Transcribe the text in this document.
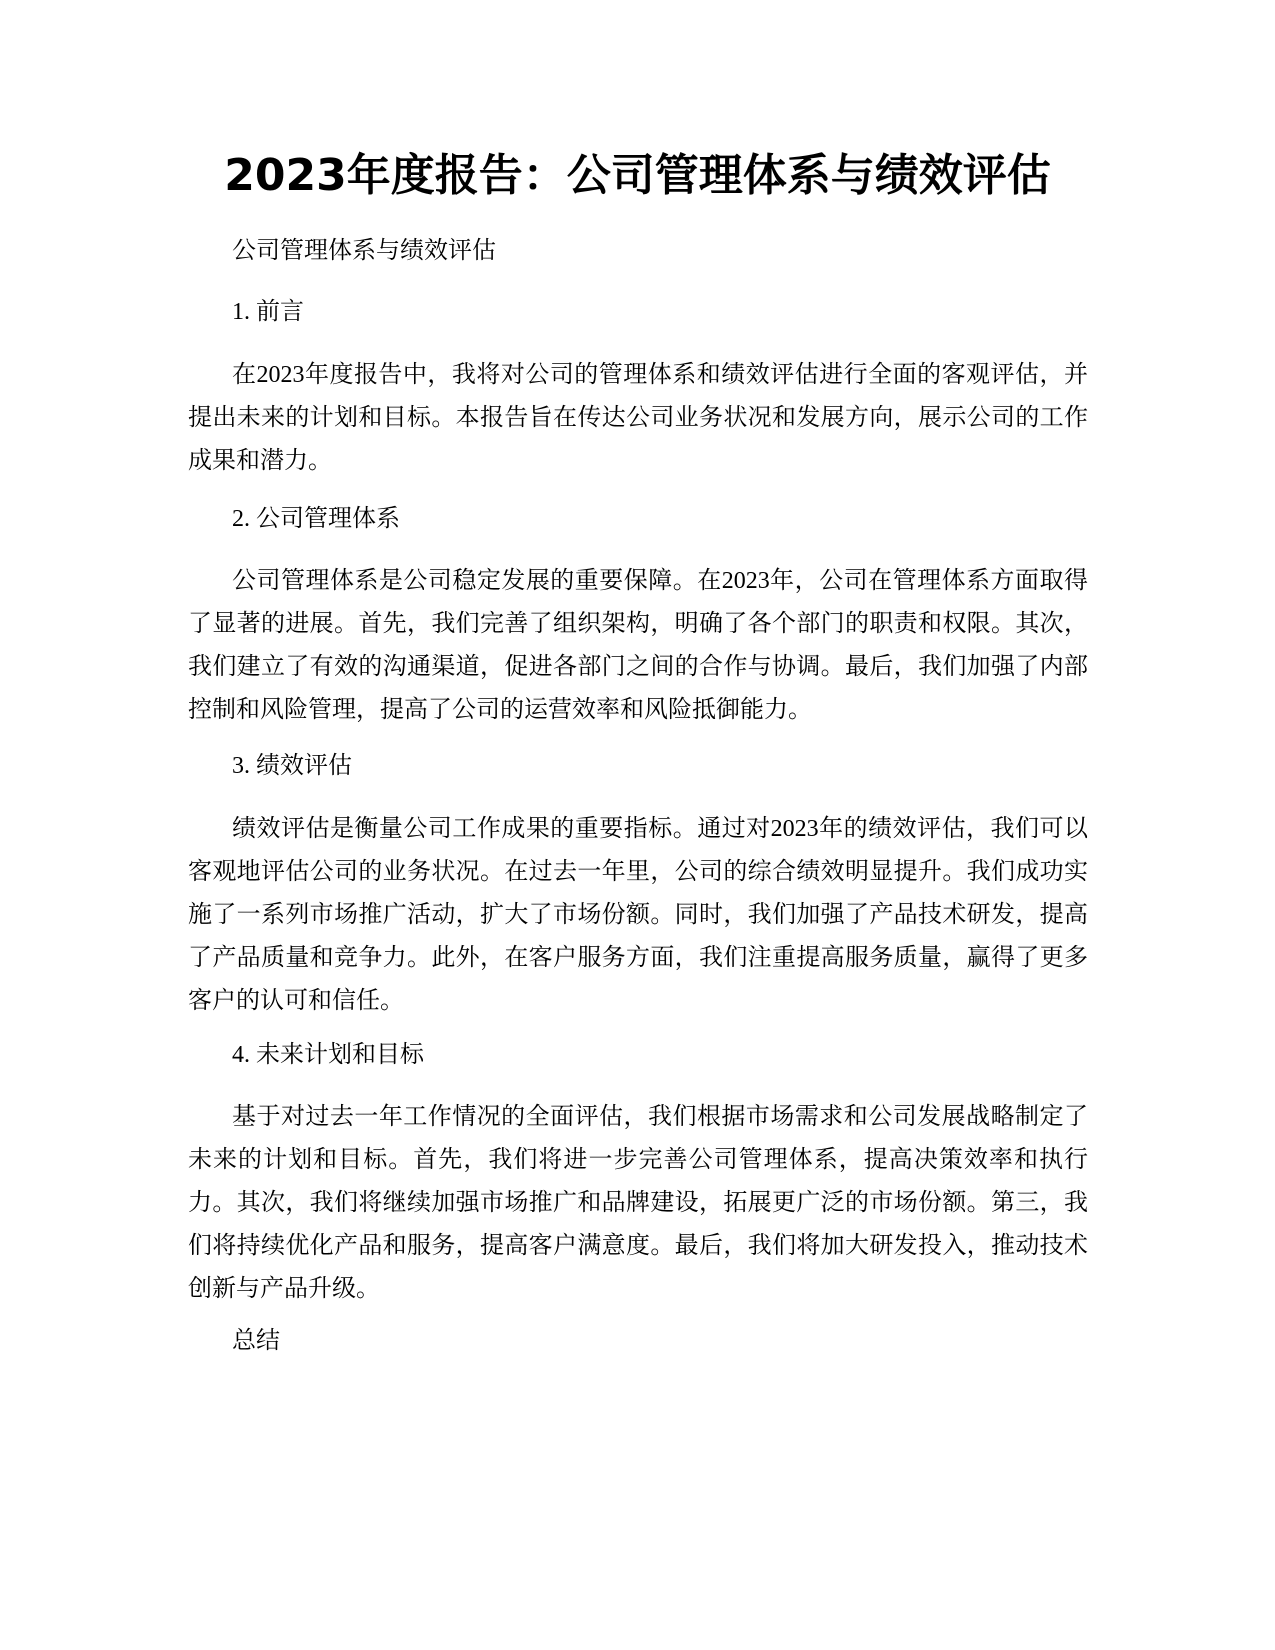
2023年度报告：公司管理体系与绩效评估

公司管理体系与绩效评估

1. 前言

在2023年度报告中，我将对公司的管理体系和绩效评估进行全面的客观评估，并提出未来的计划和目标。本报告旨在传达公司业务状况和发展方向，展示公司的工作成果和潜力。

2. 公司管理体系

公司管理体系是公司稳定发展的重要保障。在2023年，公司在管理体系方面取得了显著的进展。首先，我们完善了组织架构，明确了各个部门的职责和权限。其次，我们建立了有效的沟通渠道，促进各部门之间的合作与协调。最后，我们加强了内部控制和风险管理，提高了公司的运营效率和风险抵御能力。

3. 绩效评估

绩效评估是衡量公司工作成果的重要指标。通过对2023年的绩效评估，我们可以客观地评估公司的业务状况。在过去一年里，公司的综合绩效明显提升。我们成功实施了一系列市场推广活动，扩大了市场份额。同时，我们加强了产品技术研发，提高了产品质量和竞争力。此外，在客户服务方面，我们注重提高服务质量，赢得了更多客户的认可和信任。

4. 未来计划和目标

基于对过去一年工作情况的全面评估，我们根据市场需求和公司发展战略制定了未来的计划和目标。首先，我们将进一步完善公司管理体系，提高决策效率和执行力。其次，我们将继续加强市场推广和品牌建设，拓展更广泛的市场份额。第三，我们将持续优化产品和服务，提高客户满意度。最后，我们将加大研发投入，推动技术创新与产品升级。

总结
